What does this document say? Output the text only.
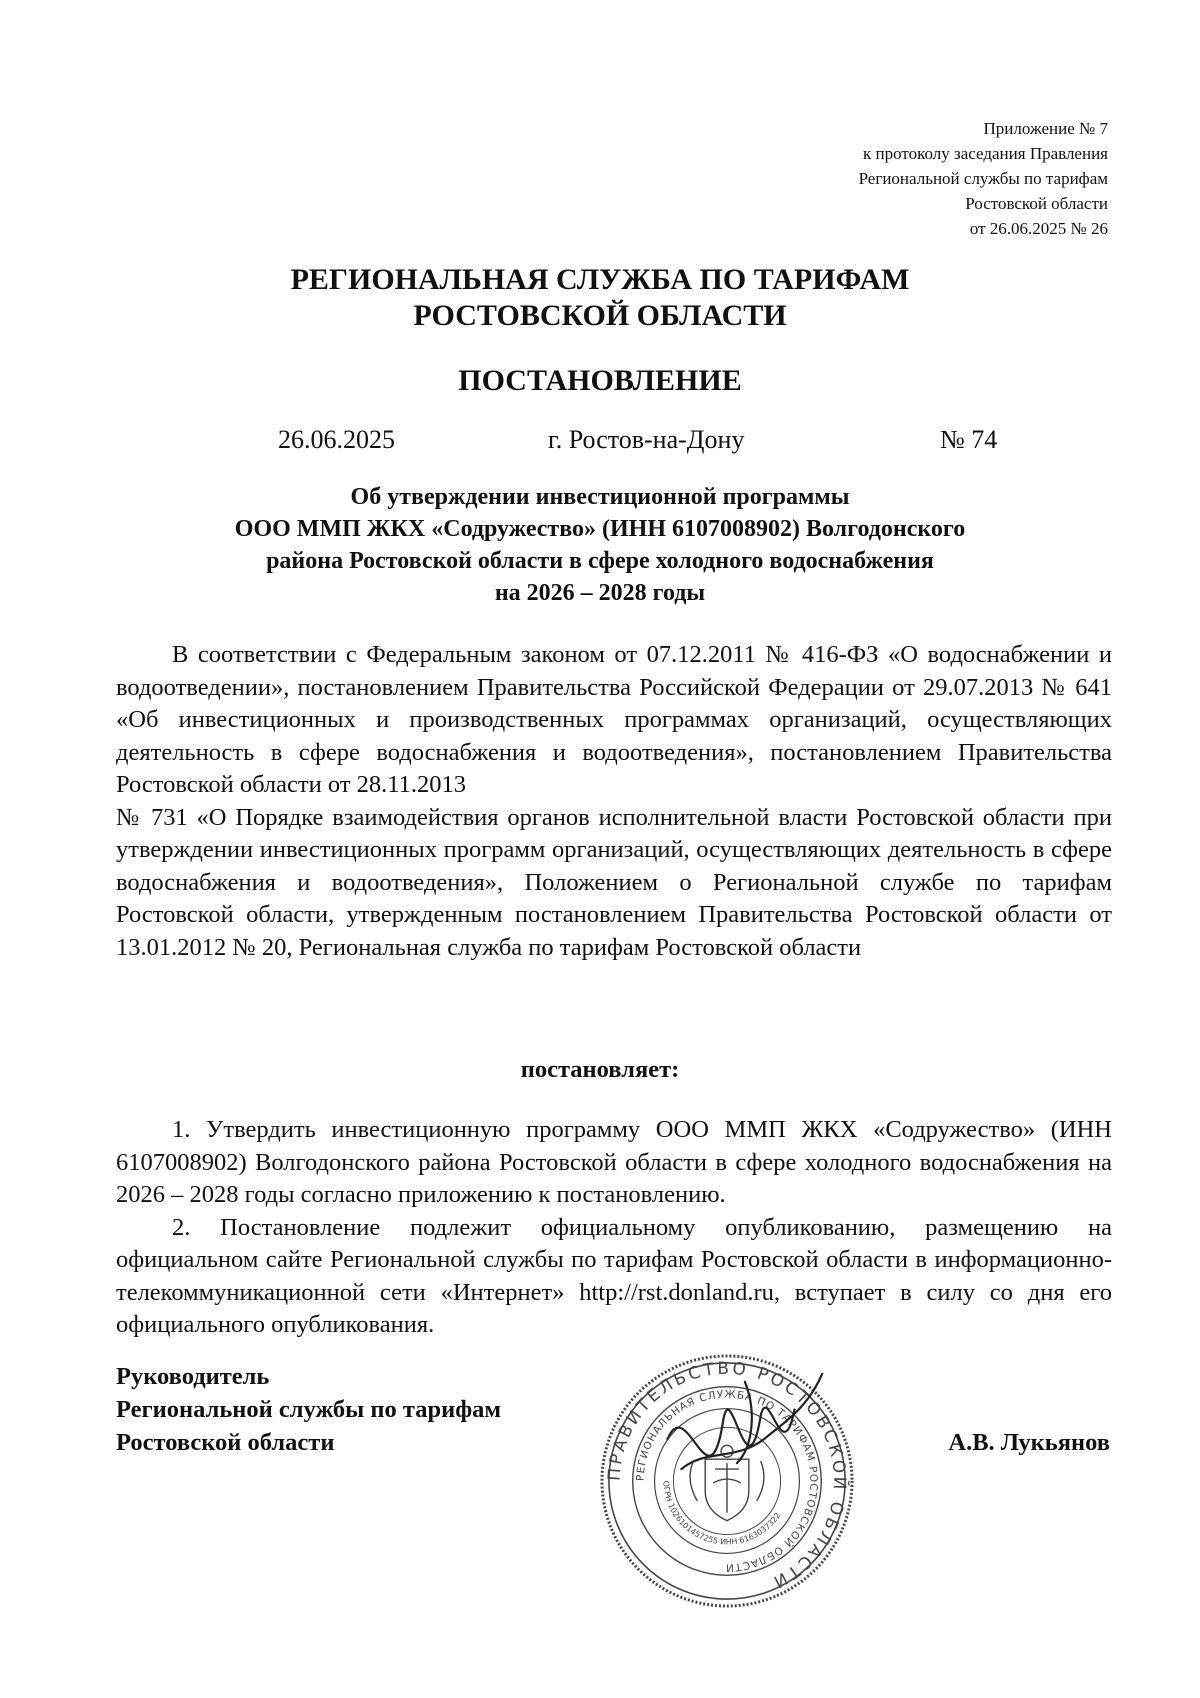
Приложение № 7
к протоколу заседания Правления
Региональной службы по тарифам
Ростовской области
от 26.06.2025 № 26
РЕГИОНАЛЬНАЯ СЛУЖБА ПО ТАРИФАМ
РОСТОВСКОЙ ОБЛАСТИ
ПОСТАНОВЛЕНИЕ
26.06.2025	г. Ростов-на-Дону	№ 74
Об утверждении инвестиционной программы
ООО ММП ЖКХ «Содружество» (ИНН 6107008902) Волгодонского
района Ростовской области в сфере холодного водоснабжения
на 2026 – 2028 годы

В соответствии с Федеральным законом от 07.12.2011 № 416-ФЗ «О водоснабжении и водоотведении», постановлением Правительства Российской Федерации от 29.07.2013 № 641 «Об инвестиционных и производственных программах организаций, осуществляющих деятельность в сфере водоснабжения и водоотведения», постановлением Правительства Ростовской области от 28.11.2013

№ 731 «О Порядке взаимодействия органов исполнительной власти Ростовской области при утверждении инвестиционных программ организаций, осуществляющих деятельность в сфере водоснабжения и водоотведения», Положением о Региональной службе по тарифам Ростовской области, утвержденным постановлением Правительства Ростовской области от 13.01.2012 № 20, Региональная служба по тарифам Ростовской области

постановляет:

1. Утвердить инвестиционную программу ООО ММП ЖКХ «Содружество» (ИНН 6107008902) Волгодонского района Ростовской области в сфере холодного водоснабжения на 2026 – 2028 годы согласно приложению к постановлению.

2. Постановление подлежит официальному опубликованию, размещению на официальном сайте Региональной службы по тарифам Ростовской области в информационно-телекоммуникационной сети «Интернет» http://rst.donland.ru, вступает в силу со дня его официального опубликования.

Руководитель
Региональной службы по тарифам
Ростовской области	А.В. Лукьянов
ПРАВИТЕЛЬСТВО РОСТОВСКОЙ ОБЛАСТИ
РЕГИОНАЛЬНАЯ СЛУЖБА ПО ТАРИФАМ РОСТОВСКОЙ ОБЛАСТИ
ОГРН 1026101457255 ИНН 6163037322
